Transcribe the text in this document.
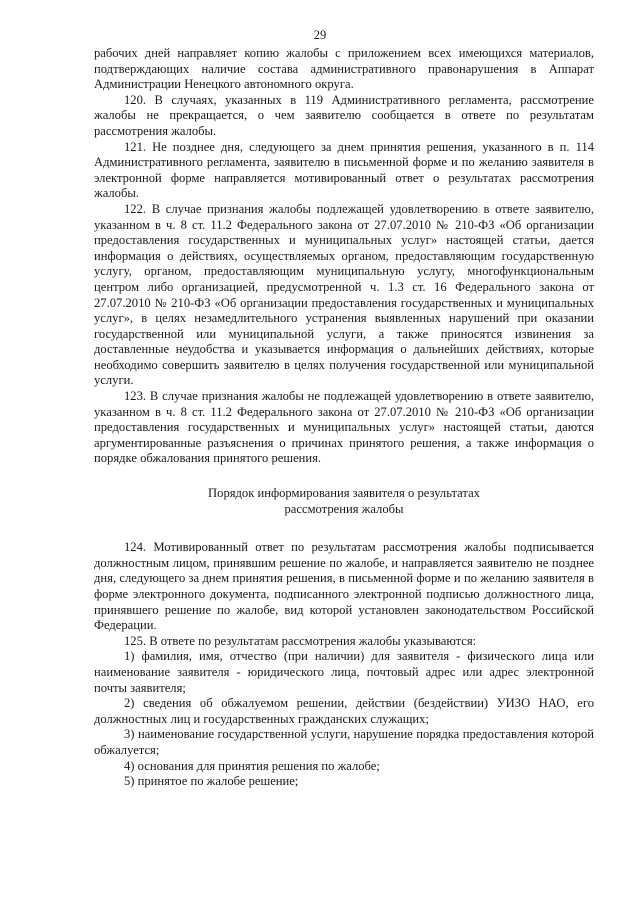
29

рабочих дней направляет копию жалобы с приложением всех имеющихся материалов, подтверждающих наличие состава административного правонарушения в Аппарат Администрации Ненецкого автономного округа.

120. В случаях, указанных в 119 Административного регламента, рассмотрение жалобы не прекращается, о чем заявителю сообщается в ответе по результатам рассмотрения жалобы.

121. Не позднее дня, следующего за днем принятия решения, указанного в п. 114 Административного регламента, заявителю в письменной форме и по желанию заявителя в электронной форме направляется мотивированный ответ о результатах рассмотрения жалобы.

122. В случае признания жалобы подлежащей удовлетворению в ответе заявителю, указанном в ч. 8 ст. 11.2 Федерального закона от 27.07.2010 № 210-ФЗ «Об организации предоставления государственных и муниципальных услуг» настоящей статьи, дается информация о действиях, осуществляемых органом, предоставляющим государственную услугу, органом, предоставляющим муниципальную услугу, многофункциональным центром либо организацией, предусмотренной ч. 1.3 ст. 16 Федерального закона от 27.07.2010 № 210-ФЗ «Об организации предоставления государственных и муниципальных услуг», в целях незамедлительного устранения выявленных нарушений при оказании государственной или муниципальной услуги, а также приносятся извинения за доставленные неудобства и указывается информация о дальнейших действиях, которые необходимо совершить заявителю в целях получения государственной или муниципальной услуги.

123. В случае признания жалобы не подлежащей удовлетворению в ответе заявителю, указанном в ч. 8 ст. 11.2 Федерального закона от 27.07.2010 № 210-ФЗ «Об организации предоставления государственных и муниципальных услуг» настоящей статьи, даются аргументированные разъяснения о причинах принятого решения, а также информация о порядке обжалования принятого решения.

Порядок информирования заявителя о результатах
рассмотрения жалобы

124. Мотивированный ответ по результатам рассмотрения жалобы подписывается должностным лицом, принявшим решение по жалобе, и направляется заявителю не позднее дня, следующего за днем принятия решения, в письменной форме и по желанию заявителя в форме электронного документа, подписанного электронной подписью должностного лица, принявшего решение по жалобе, вид которой установлен законодательством Российской Федерации.

125. В ответе по результатам рассмотрения жалобы указываются:

1) фамилия, имя, отчество (при наличии) для заявителя - физического лица или наименование заявителя - юридического лица, почтовый адрес или адрес электронной почты заявителя;

2) сведения об обжалуемом решении, действии (бездействии) УИЗО НАО, его должностных лиц и государственных гражданских служащих;

3) наименование государственной услуги, нарушение порядка предоставления которой обжалуется;

4) основания для принятия решения по жалобе;

5) принятое по жалобе решение;
